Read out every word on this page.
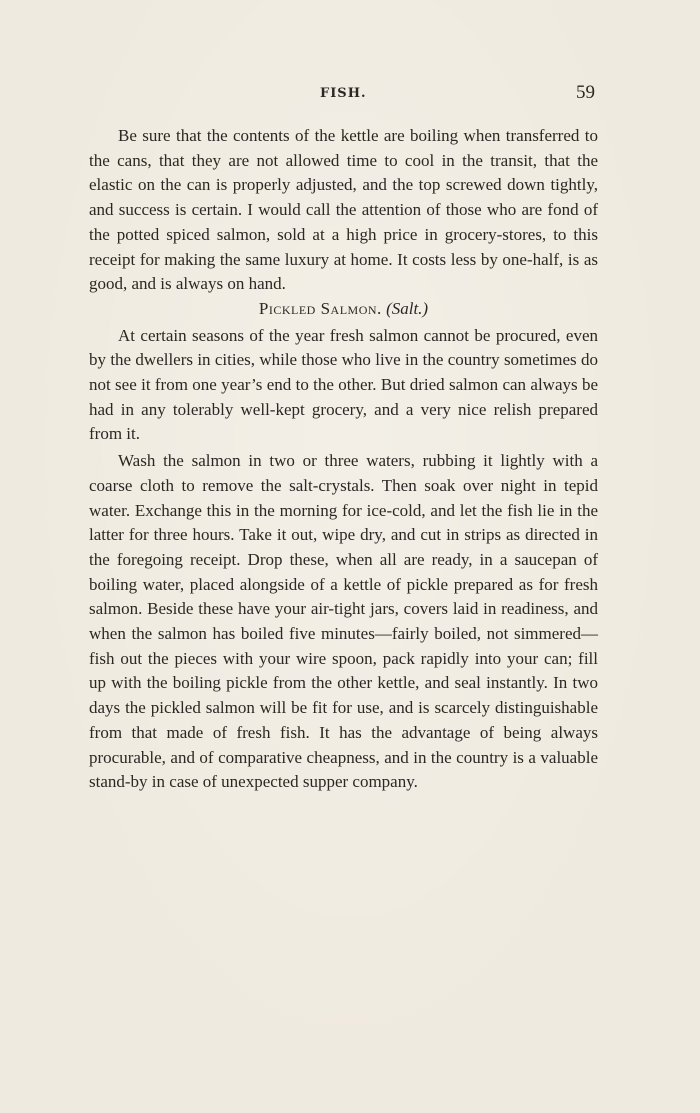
FISH.	59

Be sure that the contents of the kettle are boiling when transferred to the cans, that they are not allowed time to cool in the transit, that the elastic on the can is properly adjusted, and the top screwed down tightly, and success is certain. I would call the attention of those who are fond of the potted spiced salmon, sold at a high price in grocery-stores, to this receipt for making the same luxury at home. It costs less by one-half, is as good, and is always on hand.

Pickled Salmon. (Salt.)

At certain seasons of the year fresh salmon cannot be procured, even by the dwellers in cities, while those who live in the country sometimes do not see it from one year’s end to the other. But dried salmon can always be had in any tolerably well-kept grocery, and a very nice relish prepared from it.

Wash the salmon in two or three waters, rubbing it lightly with a coarse cloth to remove the salt-crystals. Then soak over night in tepid water. Exchange this in the morning for ice-cold, and let the fish lie in the latter for three hours. Take it out, wipe dry, and cut in strips as directed in the foregoing receipt. Drop these, when all are ready, in a saucepan of boiling water, placed alongside of a kettle of pickle prepared as for fresh salmon. Beside these have your air-tight jars, covers laid in readiness, and when the salmon has boiled five minutes—fairly boiled, not simmered—fish out the pieces with your wire spoon, pack rapidly into your can; fill up with the boiling pickle from the other kettle, and seal instantly. In two days the pickled salmon will be fit for use, and is scarcely distinguishable from that made of fresh fish. It has the advantage of being always procurable, and of comparative cheapness, and in the country is a valuable stand-by in case of unexpected supper company.
